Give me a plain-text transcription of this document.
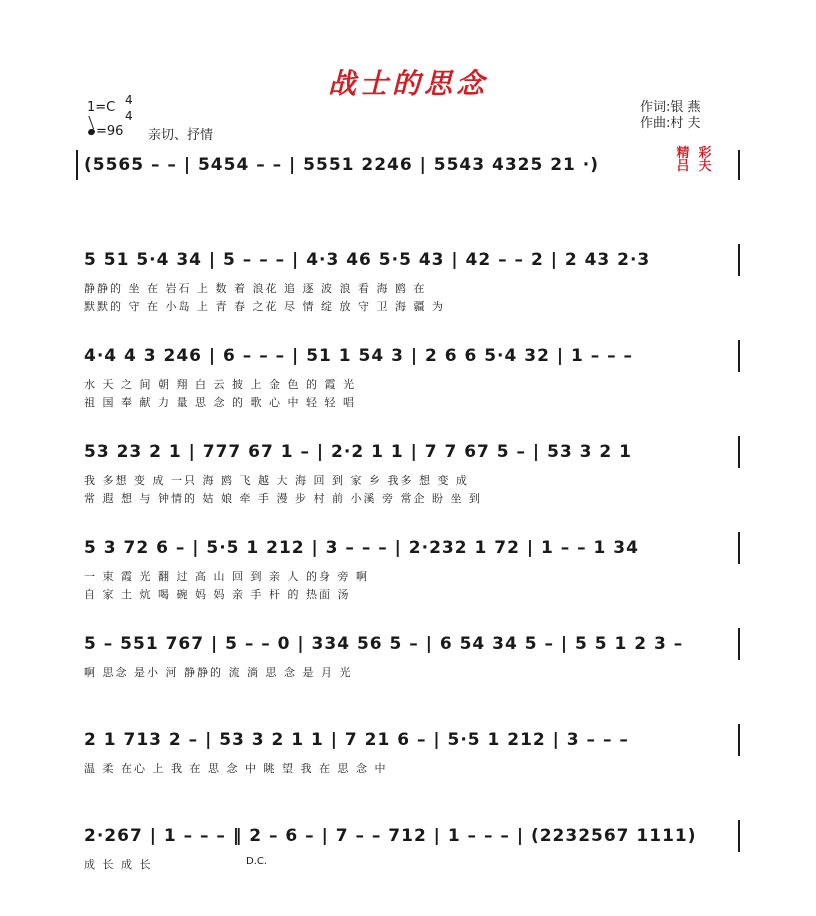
战士的思念
1=C 4
4
=96 亲切、抒情
作词:银 燕
作曲:村 夫
精 彩
吕 夫
(5565 – – | 5454 – – | 5551 2246 | 5543 4325 21 ·)
5 51 5·4 34 | 5 – – – | 4·3 46 5·5 43 | 42 – – 2 | 2 43 2·3
静静的 坐 在 岩石 上 数 着 浪花 追 逐 波 浪 看 海 鸥 在
默默的 守 在 小岛 上 青 春 之花 尽 情 绽 放 守 卫 海 疆 为
4·4 4 3 246 | 6 – – – | 51 1 54 3 | 2 6 6 5·4 32 | 1 – – –
水 天 之 间 朝 翔 白 云 披 上 金 色 的 霞 光
祖 国 奉 献 力 量 思 念 的 歌 心 中 轻 轻 唱
53 23 2 1 | 777 67 1 – | 2·2 1 1 | 7 7 67 5 – | 53 3 2 1
我 多想 变 成 一只 海 鸥 飞 越 大 海 回 到 家 乡 我多 想 变 成
常 遐 想 与 钟情的 姑 娘 牵 手 漫 步 村 前 小溪 旁 常企 盼 坐 到
5 3 72 6 – | 5·5 1 212 | 3 – – – | 2·232 1 72 | 1 – – 1 34
一 束 霞 光 翻 过 高 山 回 到 亲 人 的身 旁 啊
自 家 土 炕 喝 碗 妈 妈 亲 手 杆 的 热面 汤
5 – 551 767 | 5 – – 0 | 334 56 5 – | 6 54 34 5 – | 5 5 1 2 3 –
啊 思念 是小 河 静静的 流 淌 思 念 是 月 光
2 1 713 2 – | 53 3 2 1 1 | 7 21 6 – | 5·5 1 212 | 3 – – –
温 柔 在心 上 我 在 思 念 中 眺 望 我 在 思 念 中
2·267 | 1 – – – ‖ 2 – 6 – | 7 – – 712 | 1 – – – | (2232567 1111)
成 长 成 长	D.C.
